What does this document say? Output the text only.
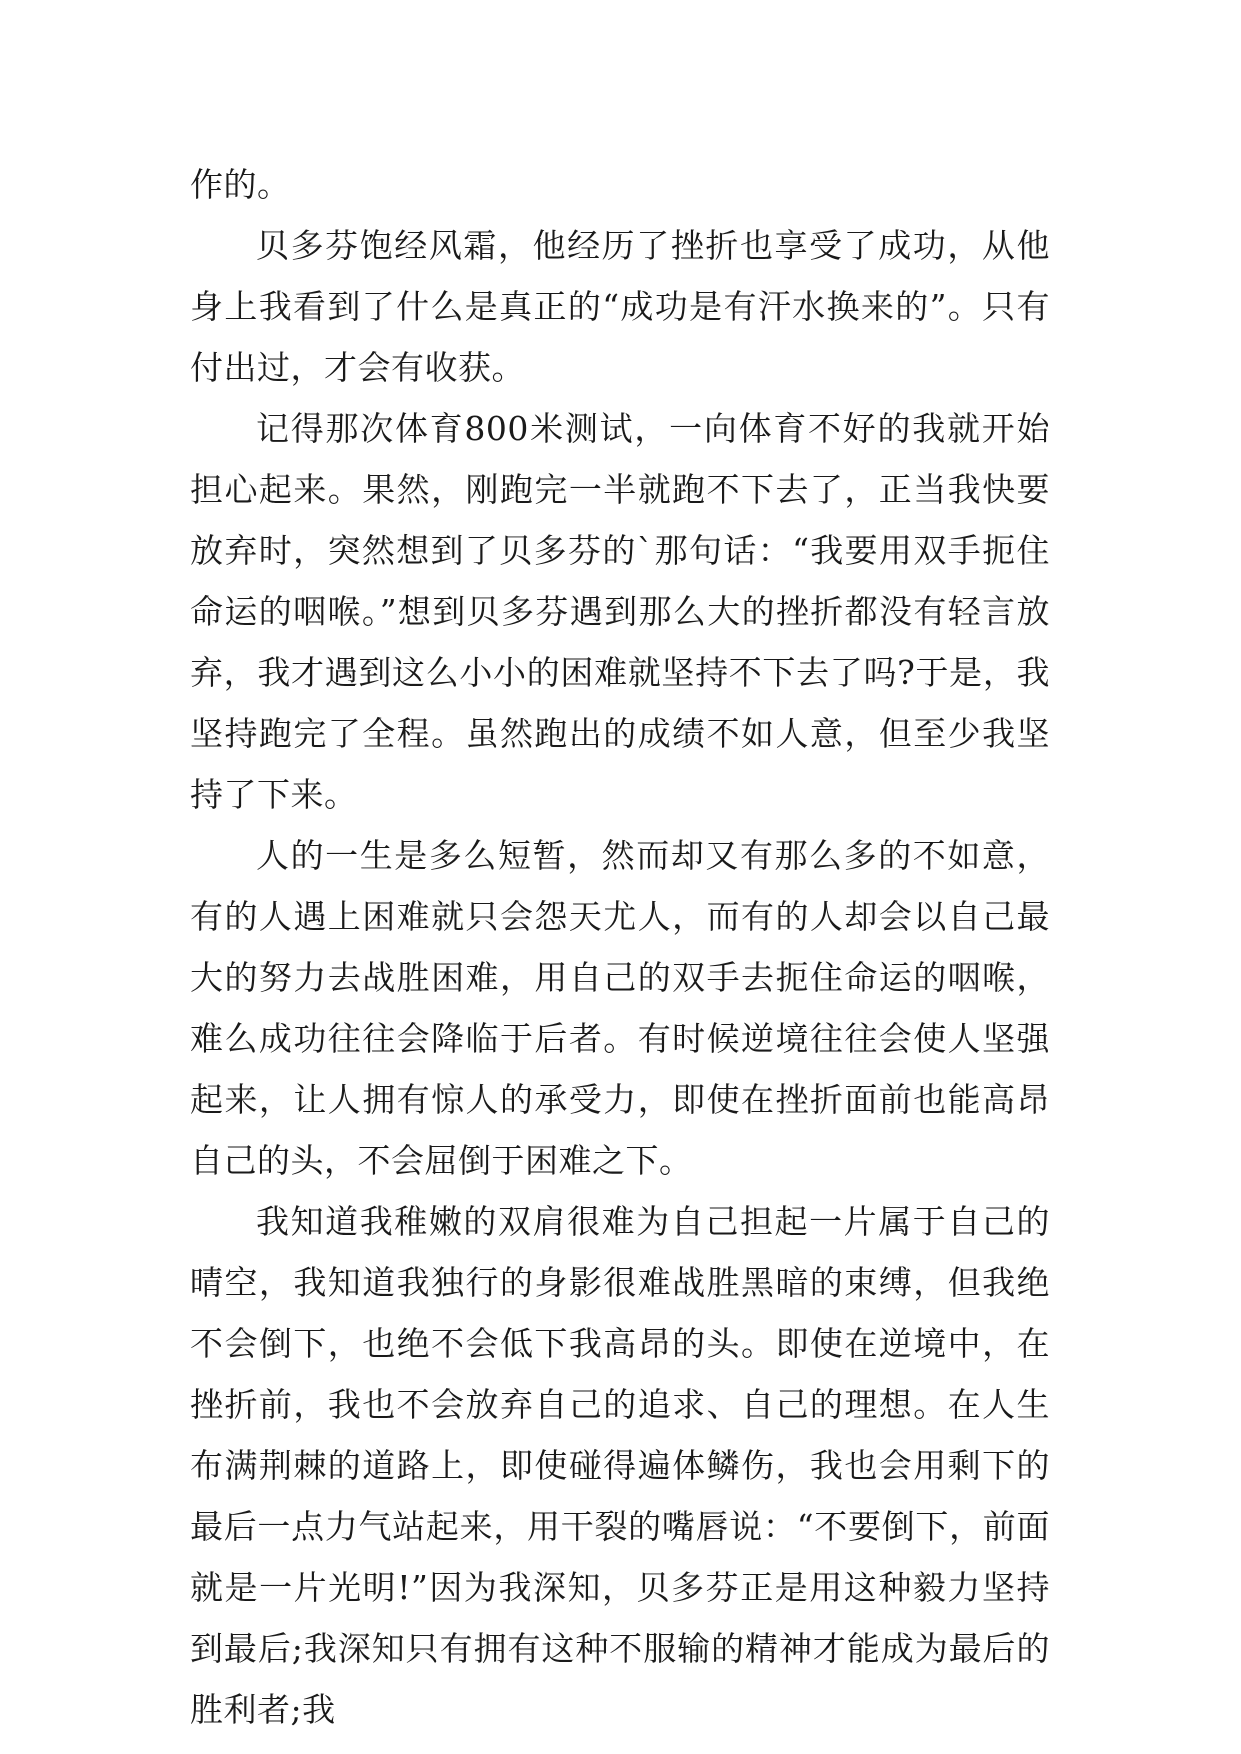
作的。

贝多芬饱经风霜，他经历了挫折也享受了成功，从他身上我看到了什么是真正的“成功是有汗水换来的”。只有付出过，才会有收获。

记得那次体育800米测试，一向体育不好的我就开始担心起来。果然，刚跑完一半就跑不下去了，正当我快要放弃时，突然想到了贝多芬的`那句话：“我要用双手扼住命运的咽喉。”想到贝多芬遇到那么大的挫折都没有轻言放弃，我才遇到这么小小的困难就坚持不下去了吗?于是，我坚持跑完了全程。虽然跑出的成绩不如人意，但至少我坚持了下来。

人的一生是多么短暂，然而却又有那么多的不如意，有的人遇上困难就只会怨天尤人，而有的人却会以自己最大的努力去战胜困难，用自己的双手去扼住命运的咽喉，难么成功往往会降临于后者。有时候逆境往往会使人坚强起来，让人拥有惊人的承受力，即使在挫折面前也能高昂自己的头，不会屈倒于困难之下。

我知道我稚嫩的双肩很难为自己担起一片属于自己的晴空，我知道我独行的身影很难战胜黑暗的束缚，但我绝不会倒下，也绝不会低下我高昂的头。即使在逆境中，在挫折前，我也不会放弃自己的追求、自己的理想。在人生布满荆棘的道路上，即使碰得遍体鳞伤，我也会用剩下的最后一点力气站起来，用干裂的嘴唇说：“不要倒下，前面就是一片光明!”因为我深知，贝多芬正是用这种毅力坚持到最后;我深知只有拥有这种不服输的精神才能成为最后的胜利者;我
